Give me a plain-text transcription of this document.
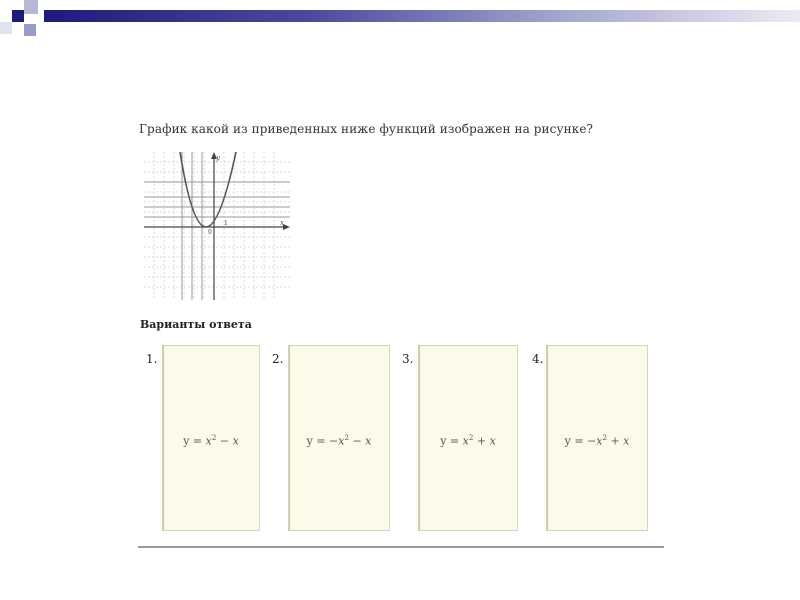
График какой из приведенных ниже функций изображен на рисунке?
x
y
1
0
Варианты ответа
1.
$y = x^2 - x$
2.
$y = -x^2 - x$
3.
$y = x^2 + x$
4.
$y = -x^2 + x$
